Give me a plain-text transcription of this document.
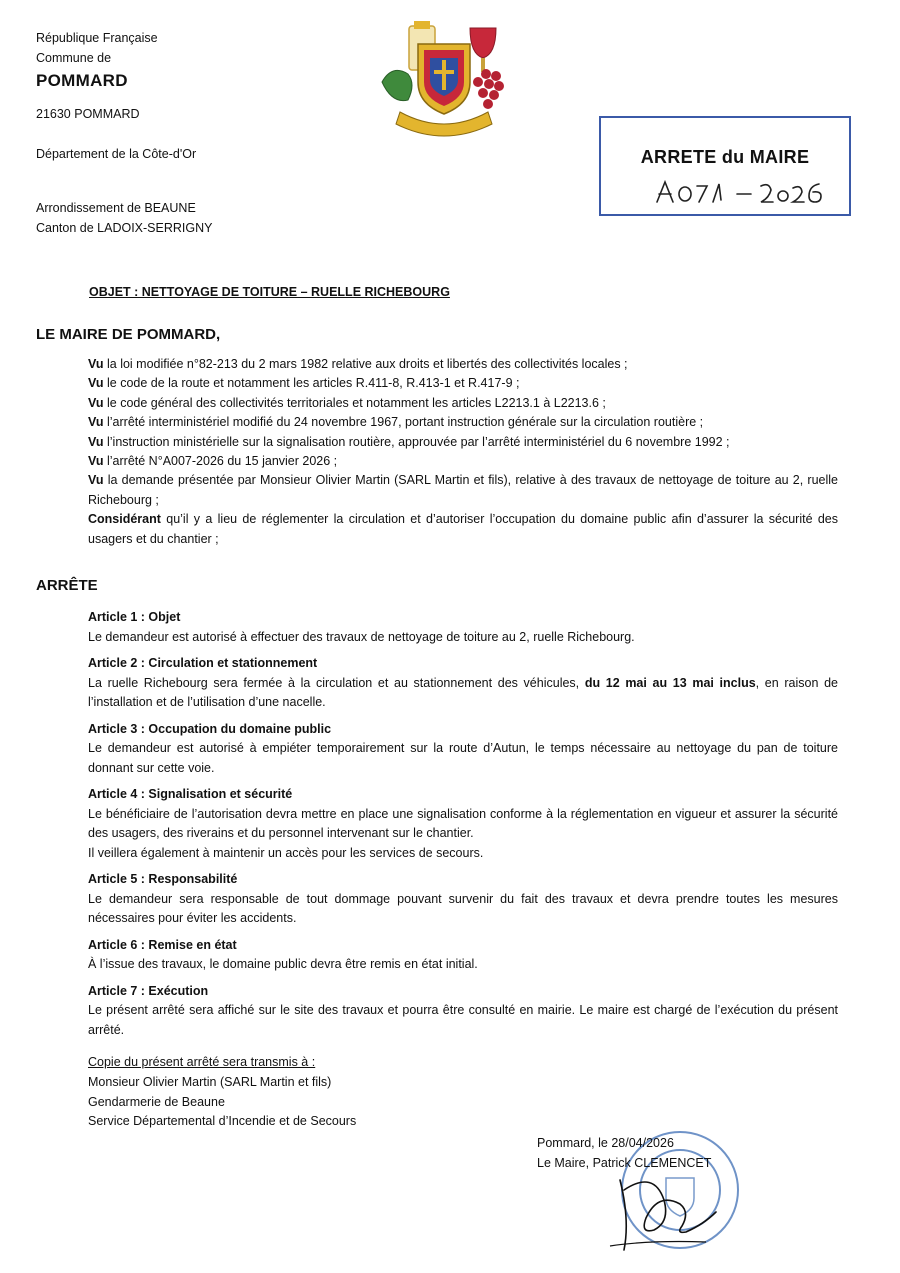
République Française
Commune de
POMMARD
21630 POMMARD
Département de la Côte-d'Or
Arrondissement de BEAUNE
Canton de LADOIX-SERRIGNY
ARRETE du MAIRE
OBJET : NETTOYAGE DE TOITURE – RUELLE RICHEBOURG
LE MAIRE DE POMMARD,

Vu la loi modifiée n°82-213 du 2 mars 1982 relative aux droits et libertés des collectivités locales ;

Vu le code de la route et notamment les articles R.411-8, R.413-1 et R.417-9 ;

Vu le code général des collectivités territoriales et notamment les articles L2213.1 à L2213.6 ;

Vu l’arrêté interministériel modifié du 24 novembre 1967, portant instruction générale sur la circulation routière ;

Vu l’instruction ministérielle sur la signalisation routière, approuvée par l’arrêté interministériel du 6 novembre 1992 ;

Vu l’arrêté N°A007-2026 du 15 janvier 2026 ;

Vu la demande présentée par Monsieur Olivier Martin (SARL Martin et fils), relative à des travaux de nettoyage de toiture au 2, ruelle Richebourg ;

Considérant qu’il y a lieu de réglementer la circulation et d’autoriser l’occupation du domaine public afin d’assurer la sécurité des usagers et du chantier ;

ARRÊTE
Article 1 : Objet

Le demandeur est autorisé à effectuer des travaux de nettoyage de toiture au 2, ruelle Richebourg.

Article 2 : Circulation et stationnement

La ruelle Richebourg sera fermée à la circulation et au stationnement des véhicules, du 12 mai au 13 mai inclus, en raison de l’installation et de l’utilisation d’une nacelle.

Article 3 : Occupation du domaine public

Le demandeur est autorisé à empiéter temporairement sur la route d’Autun, le temps nécessaire au nettoyage du pan de toiture donnant sur cette voie.

Article 4 : Signalisation et sécurité

Le bénéficiaire de l’autorisation devra mettre en place une signalisation conforme à la réglementation en vigueur et assurer la sécurité des usagers, des riverains et du personnel intervenant sur le chantier.

Il veillera également à maintenir un accès pour les services de secours.

Article 5 : Responsabilité

Le demandeur sera responsable de tout dommage pouvant survenir du fait des travaux et devra prendre toutes les mesures nécessaires pour éviter les accidents.

Article 6 : Remise en état

À l’issue des travaux, le domaine public devra être remis en état initial.

Article 7 : Exécution

Le présent arrêté sera affiché sur le site des travaux et pourra être consulté en mairie. Le maire est chargé de l’exécution du présent arrêté.

Copie du présent arrêté sera transmis à :
Monsieur Olivier Martin (SARL Martin et fils)
Gendarmerie de Beaune
Service Départemental d’Incendie et de Secours
Pommard, le 28/04/2026
Le Maire, Patrick CLEMENCET
